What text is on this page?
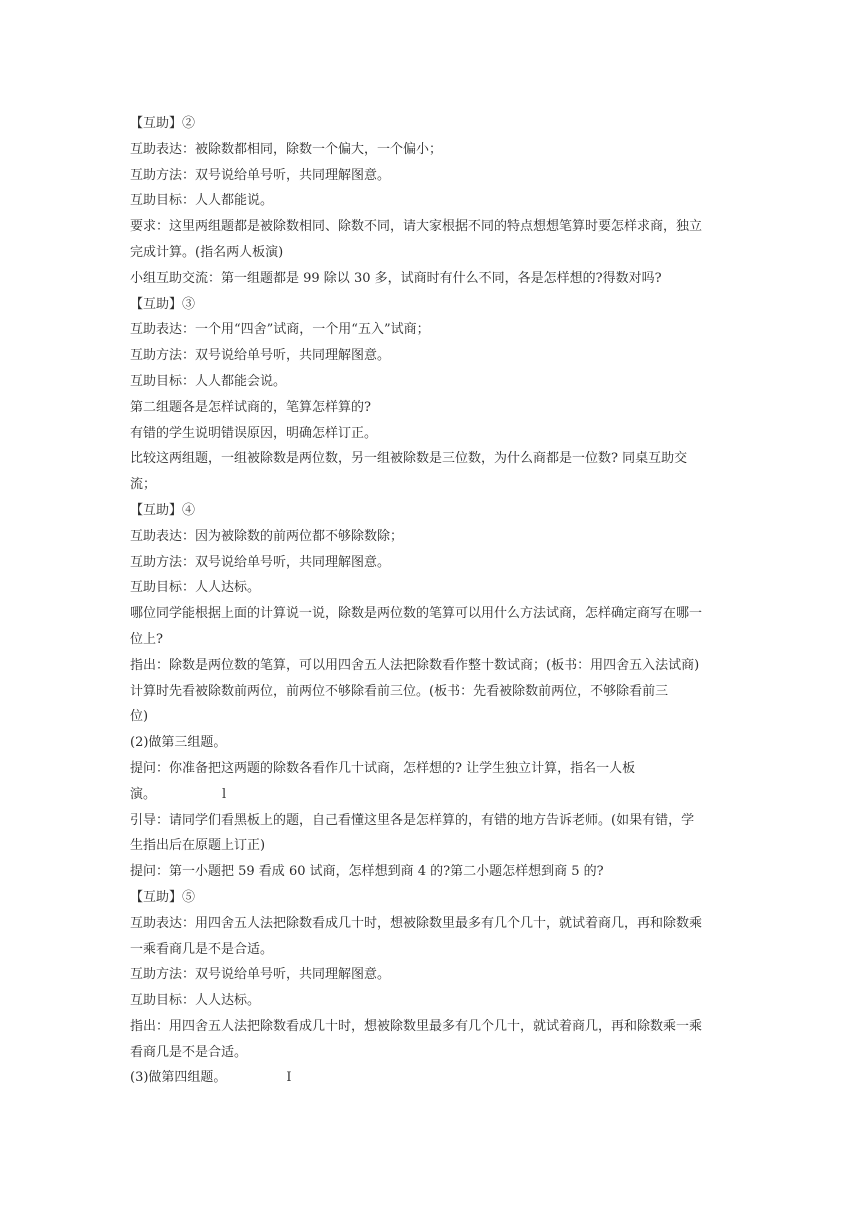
【互助】②
互助表达：被除数都相同，除数一个偏大，一个偏小；
互助方法：双号说给单号听，共同理解图意。
互助目标：人人都能说。
要求：这里两组题都是被除数相同、除数不同，请大家根据不同的特点想想笔算时要怎样求商，独立
完成计算。(指名两人板演)
小组互助交流：第一组题都是 99 除以 30 多，试商时有什么不同，各是怎样想的?得数对吗?
【互助】③
互助表达：一个用“四舍”试商，一个用“五入”试商；
互助方法：双号说给单号听，共同理解图意。
互助目标：人人都能会说。
第二组题各是怎样试商的，笔算怎样算的?
有错的学生说明错误原因，明确怎样订正。
比较这两组题，一组被除数是两位数，另一组被除数是三位数，为什么商都是一位数? 同桌互助交
流；
【互助】④
互助表达：因为被除数的前两位都不够除数除；
互助方法：双号说给单号听，共同理解图意。
互助目标：人人达标。
哪位同学能根据上面的计算说一说，除数是两位数的笔算可以用什么方法试商，怎样确定商写在哪一
位上?
指出：除数是两位数的笔算，可以用四舍五人法把除数看作整十数试商；(板书：用四舍五入法试商)
计算时先看被除数前两位，前两位不够除看前三位。(板书：先看被除数前两位，不够除看前三
位)
(2)做第三组题。
提问：你准备把这两题的除数各看作几十试商，怎样想的? 让学生独立计算，指名一人板
演。	l
引导：请同学们看黑板上的题，自己看懂这里各是怎样算的，有错的地方告诉老师。(如果有错，学
生指出后在原题上订正)
提问：第一小题把 59 看成 60 试商，怎样想到商 4 的?第二小题怎样想到商 5 的?
【互助】⑤
互助表达：用四舍五人法把除数看成几十时，想被除数里最多有几个几十，就试着商几，再和除数乘
一乘看商几是不是合适。
互助方法：双号说给单号听，共同理解图意。
互助目标：人人达标。
指出：用四舍五人法把除数看成几十时，想被除数里最多有几个几十，就试着商几，再和除数乘一乘
看商几是不是合适。
(3)做第四组题。	I
